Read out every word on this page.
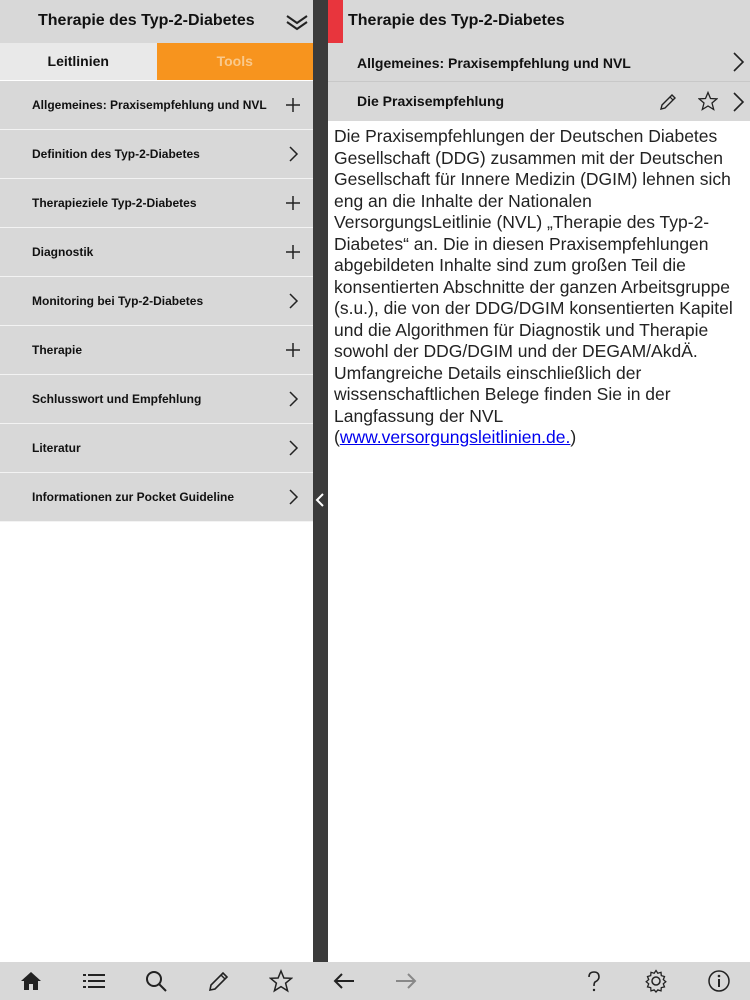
Therapie des Typ-2-Diabetes
Leitlinien	Tools
Allgemeines: Praxisempfehlung und NVL
Definition des Typ-2-Diabetes
Therapieziele Typ-2-Diabetes
Diagnostik
Monitoring bei Typ-2-Diabetes
Therapie
Schlusswort und Empfehlung
Literatur
Informationen zur Pocket Guideline
Therapie des Typ-2-Diabetes
Allgemeines: Praxisempfehlung und NVL
Die Praxisempfehlung
Die Praxisempfehlungen der Deutschen Diabetes Gesellschaft (DDG) zusammen mit der Deutschen Gesellschaft für Innere Medizin (DGIM) lehnen sich eng an die Inhalte der Nationalen VersorgungsLeitlinie (NVL) „Therapie des Typ-2-Diabetes“ an. Die in diesen Praxisempfehlungen abgebildeten Inhalte sind zum großen Teil die konsentierten Abschnitte der ganzen Arbeitsgruppe (s.u.), die von der DDG/DGIM konsentierten Kapitel und die Algorithmen für Diagnostik und Therapie sowohl der DDG/DGIM und der DEGAM/AkdÄ. Umfangreiche Details einschließlich der wissenschaftlichen Belege finden Sie in der Langfassung der NVL (www.versorgungsleitlinien.de.)
